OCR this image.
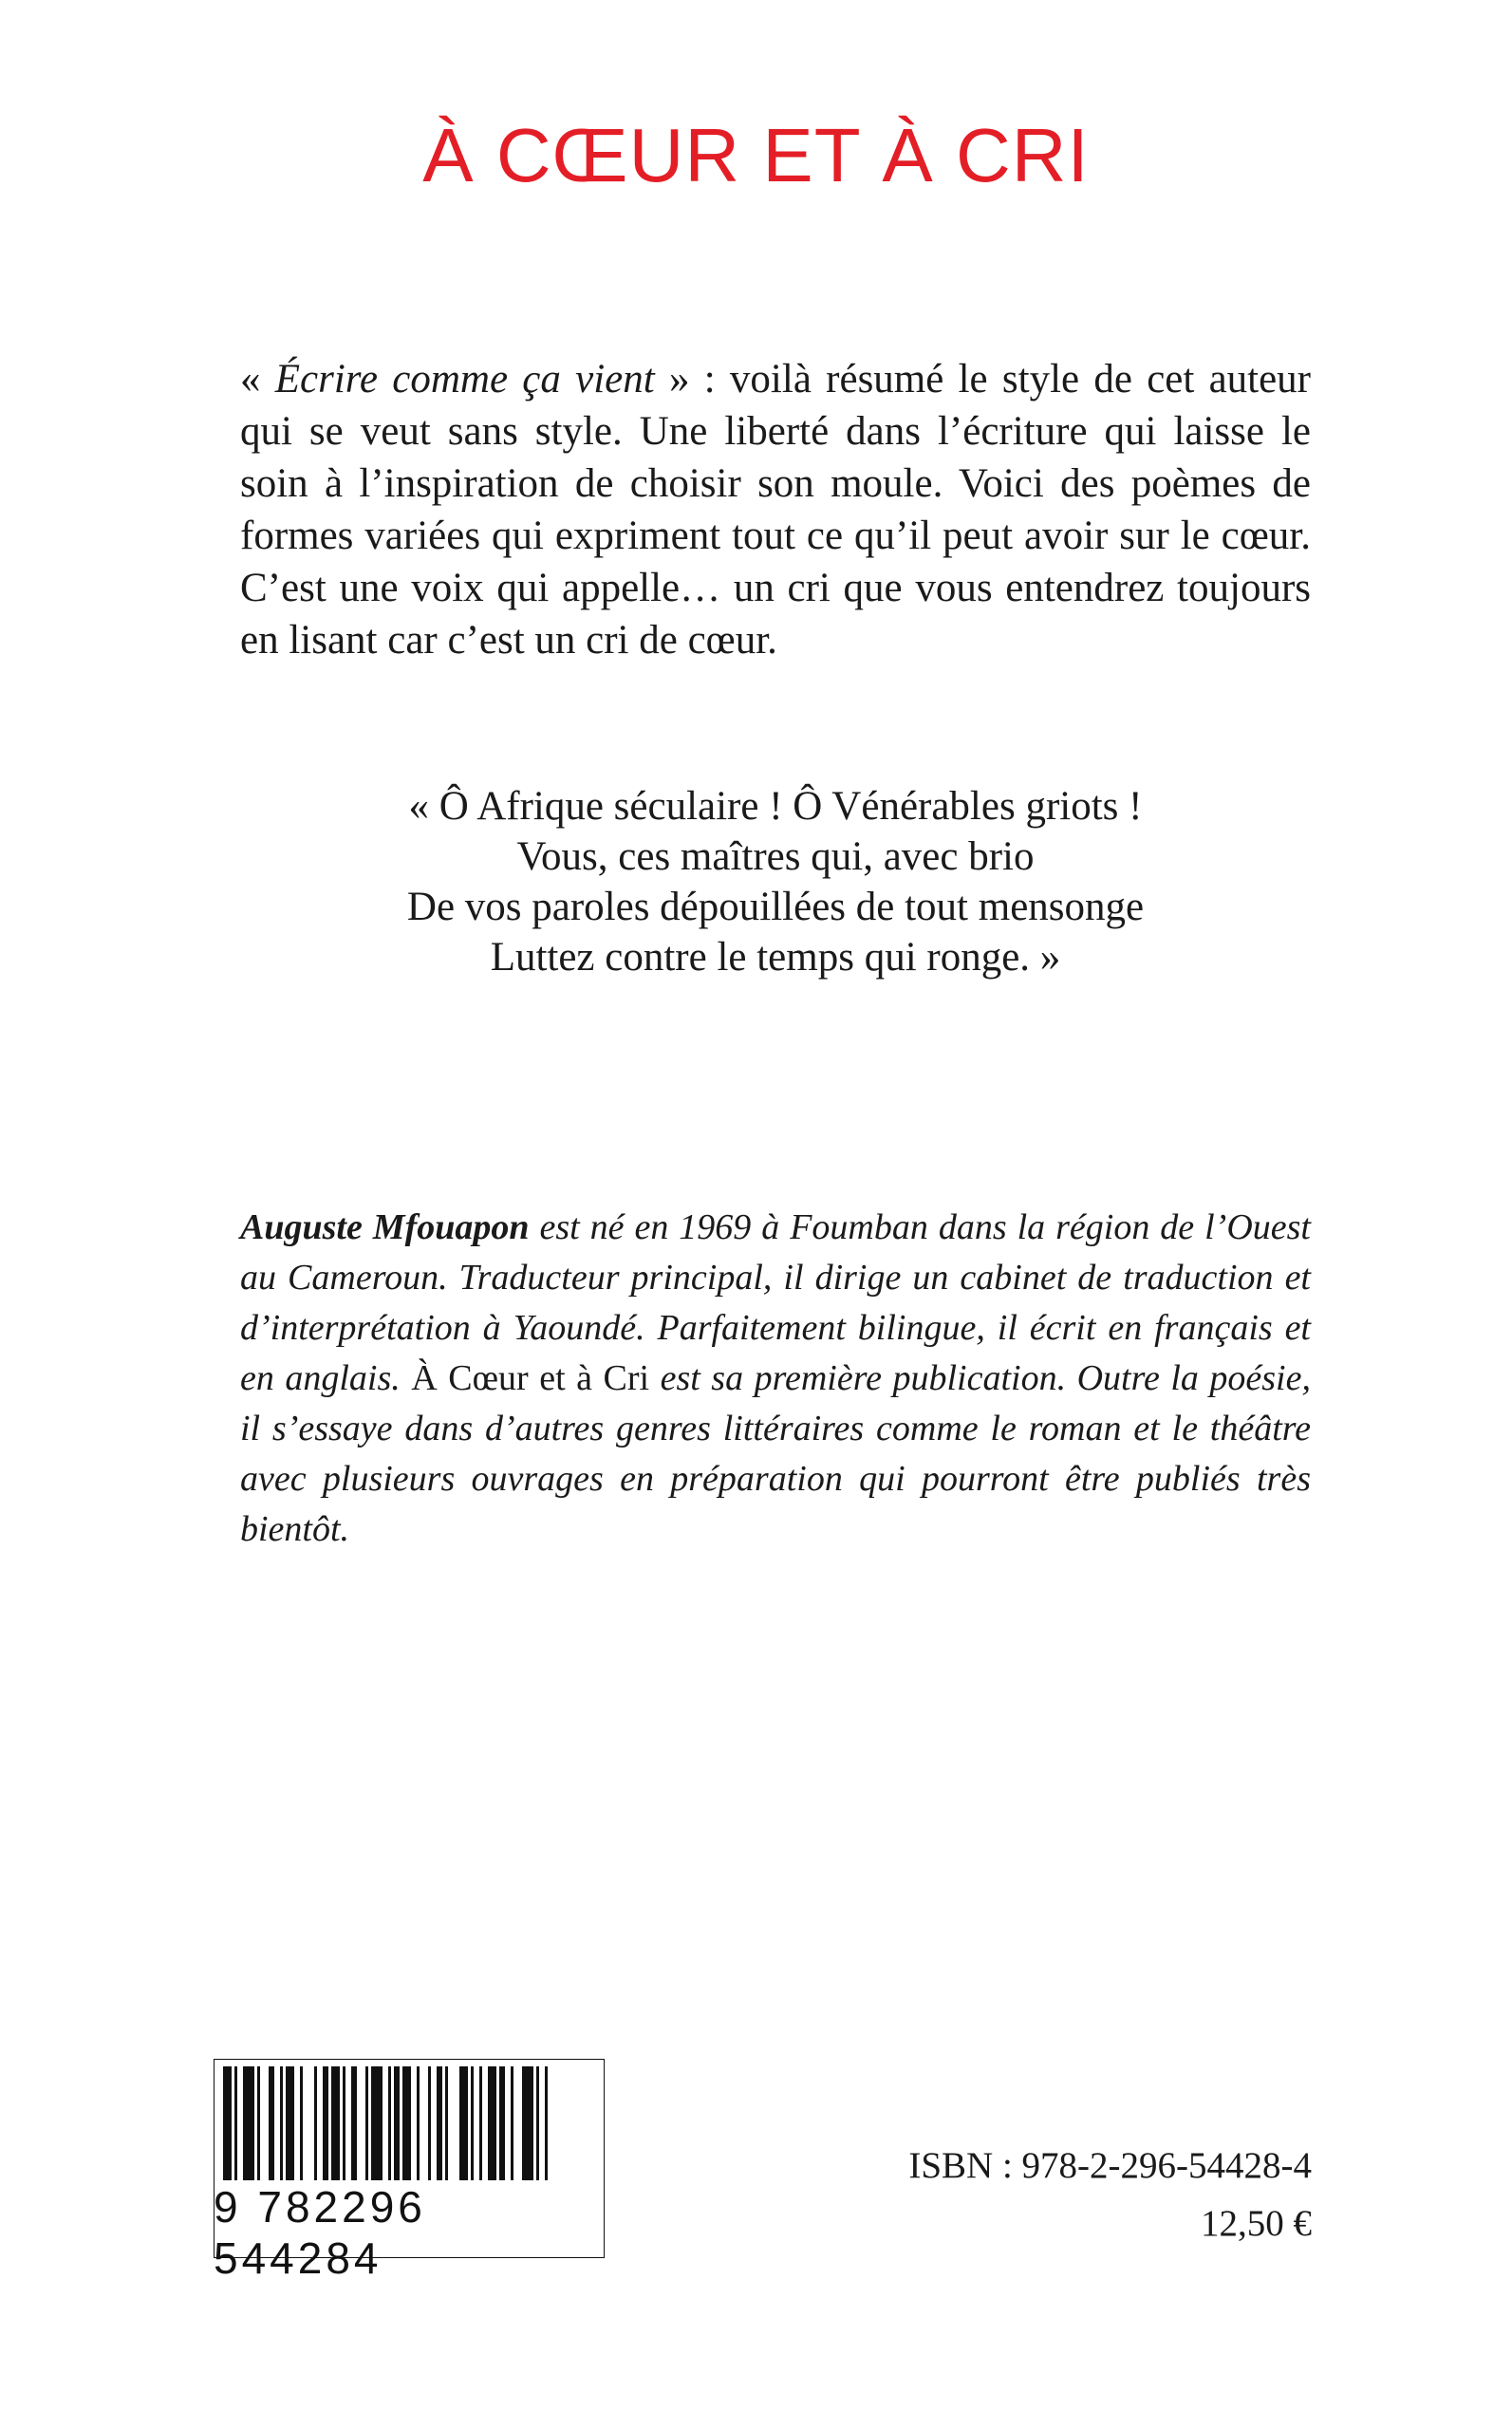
À CŒUR ET À CRI

« Écrire comme ça vient » : voilà résumé le style de cet auteur qui se veut sans style. Une liberté dans l’écriture qui laisse le soin à l’inspiration de choisir son moule. Voici des poèmes de formes variées qui expriment tout ce qu’il peut avoir sur le cœur. C’est une voix qui appelle… un cri que vous entendrez toujours en lisant car c’est un cri de cœur.

« Ô Afrique séculaire ! Ô Vénérables griots !
Vous, ces maîtres qui, avec brio
De vos paroles dépouillées de tout mensonge
Luttez contre le temps qui ronge. »

Auguste Mfouapon est né en 1969 à Foumban dans la région de l’Ouest au Cameroun. Traducteur principal, il dirige un cabinet de traduction et d’interprétation à Yaoundé. Parfaitement bilingue, il écrit en français et en anglais. À Cœur et à Cri est sa première publication. Outre la poésie, il s’essaye dans d’autres genres littéraires comme le roman et le théâtre avec plusieurs ouvrages en préparation qui pourront être publiés très bientôt.

9 782296 544284

ISBN : 978-2-296-54428-4

12,50 €
